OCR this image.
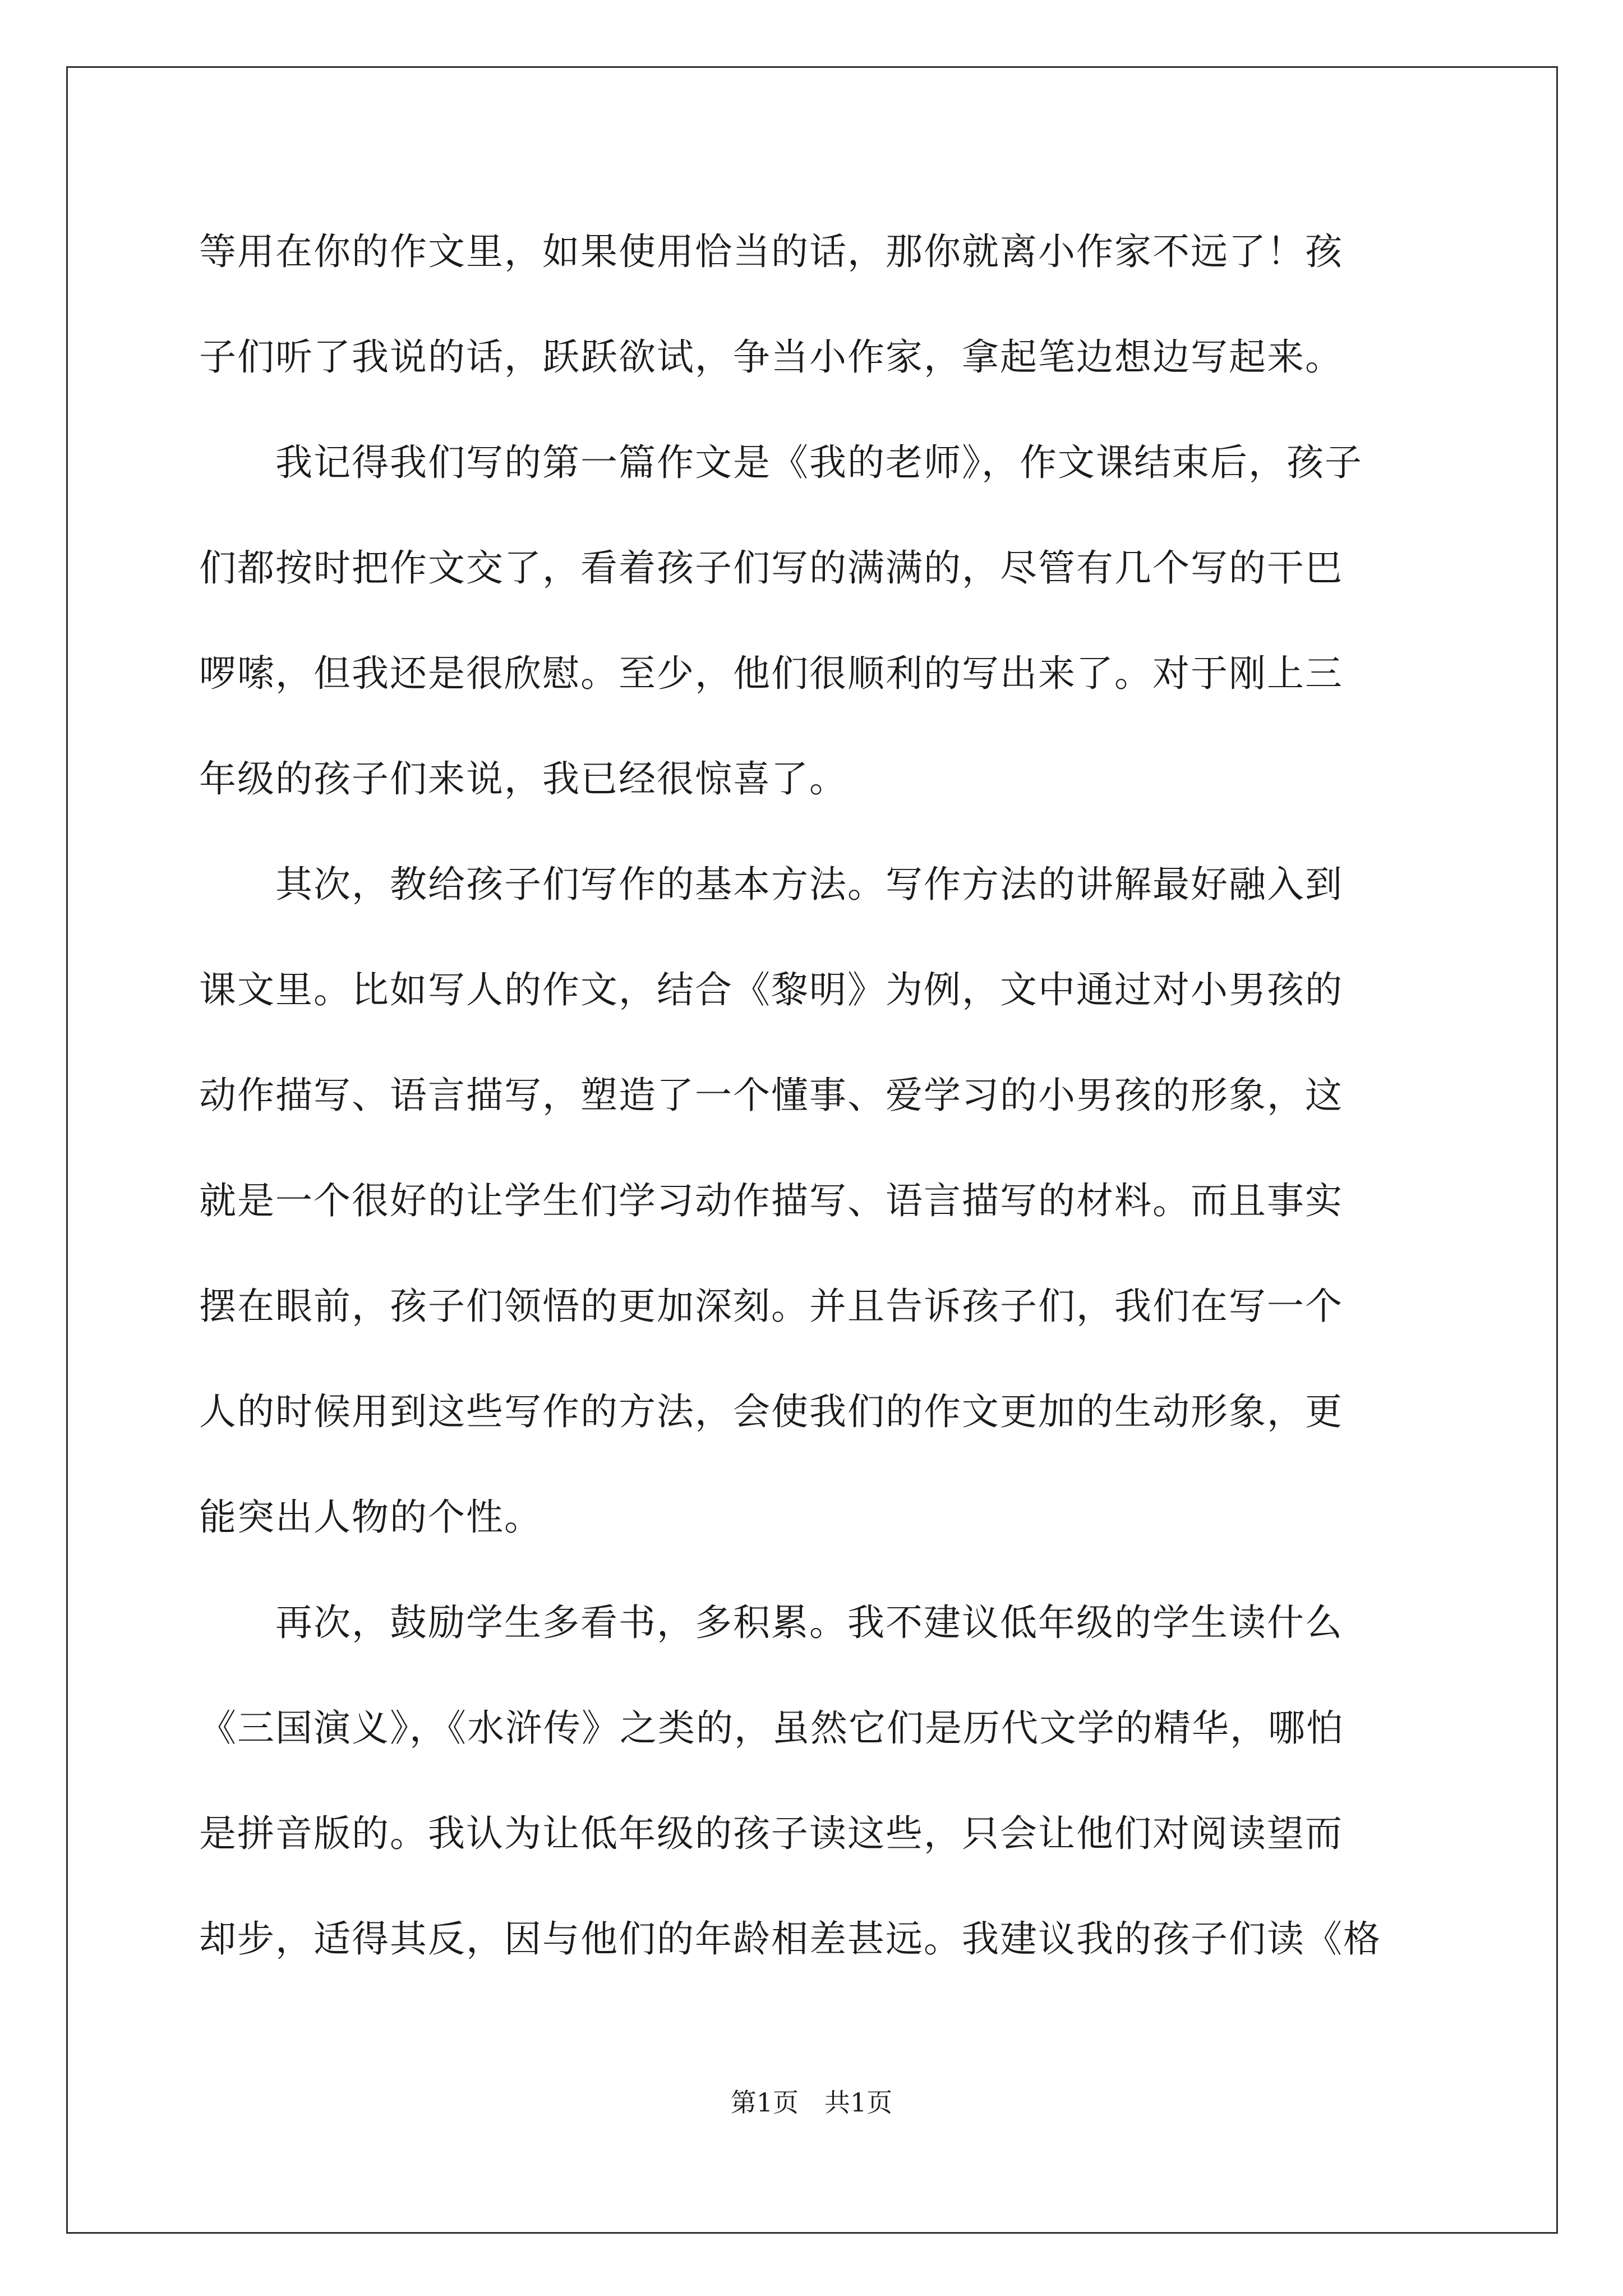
等用在你的作文里，如果使用恰当的话，那你就离小作家不远了！孩
子们听了我说的话，跃跃欲试，争当小作家，拿起笔边想边写起来。
　　我记得我们写的第一篇作文是《我的老师》，作文课结束后，孩子
们都按时把作文交了，看着孩子们写的满满的，尽管有几个写的干巴
啰嗦，但我还是很欣慰。至少，他们很顺利的写出来了。对于刚上三
年级的孩子们来说，我已经很惊喜了。
　　其次，教给孩子们写作的基本方法。写作方法的讲解最好融入到
课文里。比如写人的作文，结合《黎明》为例，文中通过对小男孩的
动作描写、语言描写，塑造了一个懂事、爱学习的小男孩的形象，这
就是一个很好的让学生们学习动作描写、语言描写的材料。而且事实
摆在眼前，孩子们领悟的更加深刻。并且告诉孩子们，我们在写一个
人的时候用到这些写作的方法，会使我们的作文更加的生动形象，更
能突出人物的个性。
　　再次，鼓励学生多看书，多积累。我不建议低年级的学生读什么
《三国演义》，《水浒传》之类的，虽然它们是历代文学的精华，哪怕
是拼音版的。我认为让低年级的孩子读这些，只会让他们对阅读望而
却步，适得其反，因与他们的年龄相差甚远。我建议我的孩子们读《格
第1页　共1页
